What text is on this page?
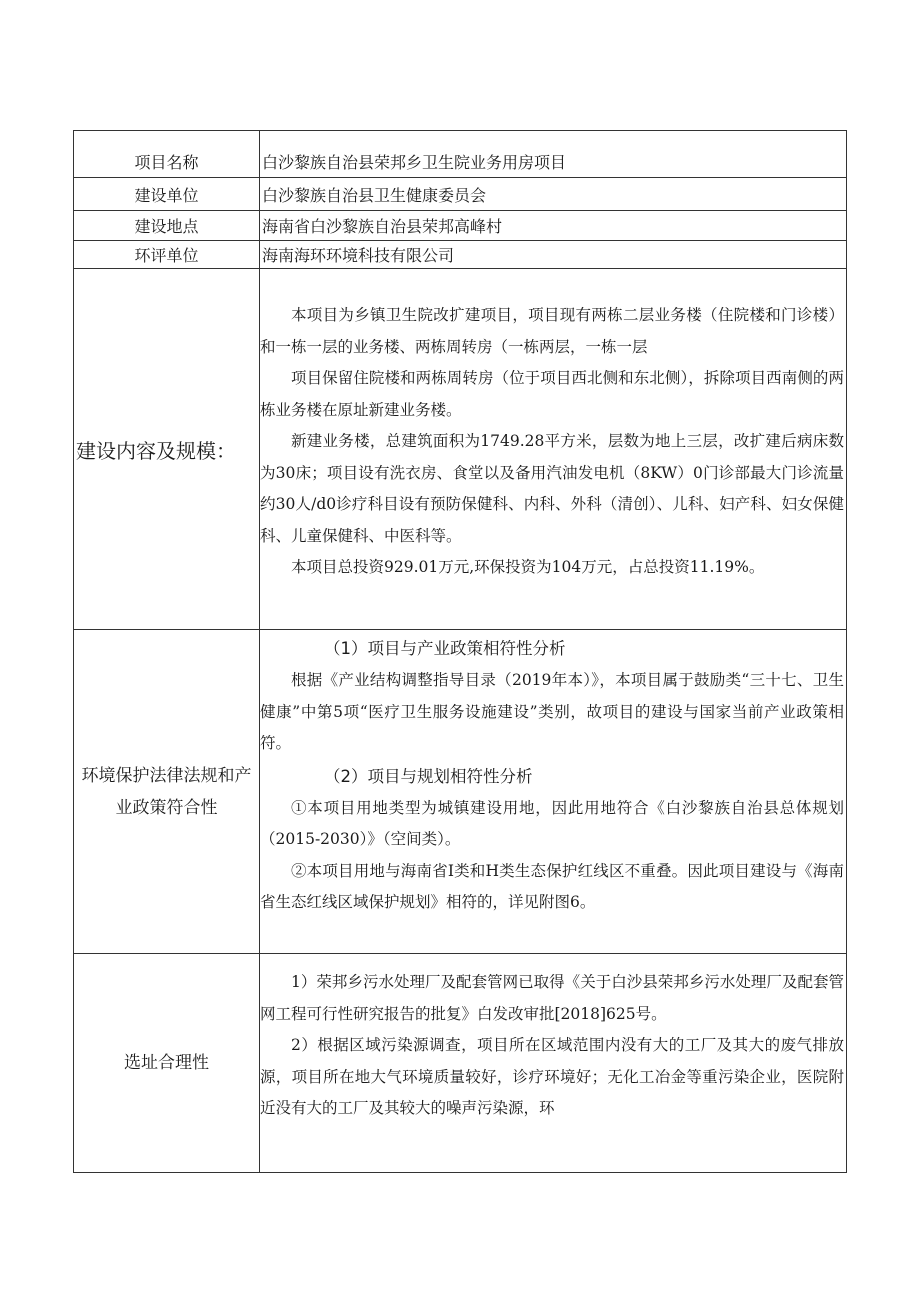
项目名称	白沙黎族自治县荣邦乡卫生院业务用房项目
建设单位	白沙黎族自治县卫生健康委员会
建设地点	海南省白沙黎族自治县荣邦高峰村
环评单位	海南海环环境科技有限公司
建设内容及规模：	本项目为乡镇卫生院改扩建项目，项目现有两栋二层业务楼（住院楼和门诊楼）和一栋一层的业务楼、两栋周转房（一栋两层，一栋一层

项目保留住院楼和两栋周转房（位于项目西北侧和东北侧），拆除项目西南侧的两栋业务楼在原址新建业务楼。

新建业务楼，总建筑面积为1749.28平方米，层数为地上三层，改扩建后病床数为30床；项目设有洗衣房、食堂以及备用汽油发电机（8KW）0门诊部最大门诊流量约30人/d0诊疗科目设有预防保健科、内科、外科（清创）、儿科、妇产科、妇女保健科、儿童保健科、中医科等。

本项目总投资929.01万元,环保投资为104万元，占总投资11.19%。

环境保护法律法规和产业政策符合性	（1）项目与产业政策相符性分析

根据《产业结构调整指导目录（2019年本）》，本项目属于鼓励类“三十七、卫生健康”中第5项“医疗卫生服务设施建设”类别，故项目的建设与国家当前产业政策相符。

（2）项目与规划相符性分析

①本项目用地类型为城镇建设用地，因此用地符合《白沙黎族自治县总体规划（2015-2030）》（空间类）。

②本项目用地与海南省I类和H类生态保护红线区不重叠。因此项目建设与《海南省生态红线区域保护规划》相符的，详见附图6。

选址合理性	1）荣邦乡污水处理厂及配套管网已取得《关于白沙县荣邦乡污水处理厂及配套管网工程可行性研究报告的批复》白发改审批[2018]625号。

2）根据区域污染源调查，项目所在区域范围内没有大的工厂及其大的废气排放源，项目所在地大气环境质量较好，诊疗环境好；无化工冶金等重污染企业，医院附近没有大的工厂及其较大的噪声污染源，环
